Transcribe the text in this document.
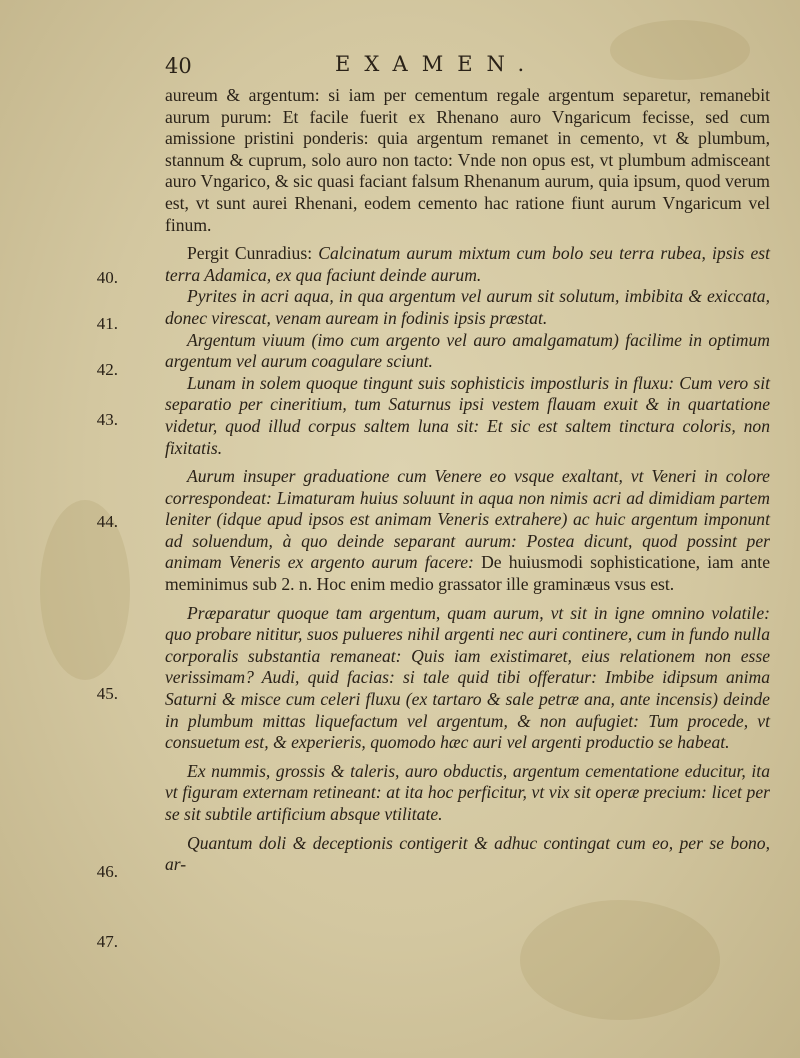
40	EXAMEN.
40.
41.
42.
43.
44.
45.
46.
47.

aureum & argentum: si iam per cementum regale argentum separetur, remanebit aurum purum: Et facile fuerit ex Rhenano auro Vngaricum fecisse, sed cum amissione pristini ponderis: quia argentum remanet in cemento, vt & plumbum, stannum & cuprum, solo auro non tacto: Vnde non opus est, vt plumbum admisceant auro Vngarico, & sic quasi faciant falsum Rhenanum aurum, quia ipsum, quod verum est, vt sunt aurei Rhenani, eodem cemento hac ratione fiunt aurum Vngaricum vel finum.

Pergit Cunradius: Calcinatum aurum mixtum cum bolo seu terra rubea, ipsis est terra Adamica, ex qua faciunt deinde aurum.

Pyrites in acri aqua, in qua argentum vel aurum sit solutum, imbibita & exiccata, donec virescat, venam auream in fodinis ipsis præstat.

Argentum viuum (imo cum argento vel auro amalgamatum) facilime in optimum argentum vel aurum coagulare sciunt.

Lunam in solem quoque tingunt suis sophisticis impostluris in fluxu: Cum vero sit separatio per cineritium, tum Saturnus ipsi vestem flauam exuit & in quartatione videtur, quod illud corpus saltem luna sit: Et sic est saltem tinctura coloris, non fixitatis.

Aurum insuper graduatione cum Venere eo vsque exaltant, vt Veneri in colore correspondeat: Limaturam huius soluunt in aqua non nimis acri ad dimidiam partem leniter (idque apud ipsos est animam Veneris extrahere) ac huic argentum imponunt ad soluendum, à quo deinde separant aurum: Postea dicunt, quod possint per animam Veneris ex argento aurum facere: De huiusmodi sophisticatione, iam ante meminimus sub 2. n. Hoc enim medio grassator ille graminæus vsus est.

Præparatur quoque tam argentum, quam aurum, vt sit in igne omnino volatile: quo probare nititur, suos pulueres nihil argenti nec auri continere, cum in fundo nulla corporalis substantia remaneat: Quis iam existimaret, eius relationem non esse verissimam? Audi, quid facias: si tale quid tibi offeratur: Imbibe idipsum anima Saturni & misce cum celeri fluxu (ex tartaro & sale petræ ana, ante incensis) deinde in plumbum mittas liquefactum vel argentum, & non aufugiet: Tum procede, vt consuetum est, & experieris, quomodo hæc auri vel argenti productio se habeat.

Ex nummis, grossis & taleris, auro obductis, argentum cementatione educitur, ita vt figuram externam retineant: at ita hoc perficitur, vt vix sit operæ precium: licet per se sit subtile artificium absque vtilitate.

Quantum doli & deceptionis contigerit & adhuc contingat cum eo, per se bono, ar-
